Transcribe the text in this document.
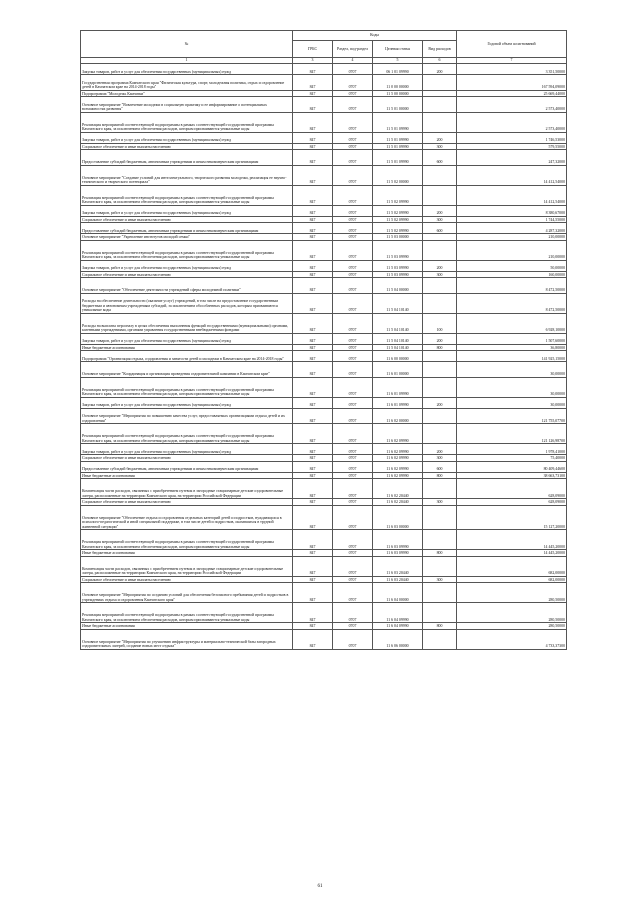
№	Коды				Годовой объем ассигнований
	ГРБС	Раздел, под-раздел	Целевая статья	Вид расходов	
1	3	4	5	6	7
Закупка товаров, работ и услуг для обеспечения государственных (муниципальных) нужд	847	0707	06 1 01 09990	200	3 351,50000
Государственная программа Камчатского края "Физическая культура, спорт, молодежная политика, отдых и оздоровление детей в Камчатском крае на 2014-2018 годы"	847	0707	11 0 00 00000		167 594,09000
Подпрограмма "Молодежь Камчатки"	847	0707	11 5 00 00000		25 669,44000
Основное мероприятие "Вовлечение молодежи в социальную практику и ее информирование о потенциальных возможностях развития"	847	0707	11 5 01 00000		2 573,40000
Реализация мероприятий соответствующей подпрограммы в рамках соответствующей государственной программы Камчатского края, за исключением обеспечения расходов, которым присваиваются уникальные коды	847	0707	11 5 01 09990		2 573,40000
Закупка товаров, работ и услуг для обеспечения государственных (муниципальных) нужд	847	0707	11 5 01 09990	200	1 746,53000
Социальное обеспечение и иные выплаты населению	847	0707	11 5 01 09990	300	579,55000
Предоставление субсидий бюджетным, автономным учреждениям и иным некоммерческим организациям	847	0707	11 5 01 09990	600	247,32000
Основное мероприятие "Создание условий для интеллектуального, творческого развития молодежи, реализация ее научно-технического и творческого потенциала"	847	0707	11 5 02 00000		14 412,54000
Реализация мероприятий соответствующей подпрограммы в рамках соответствующей государственной программы Камчатского края, за исключением обеспечения расходов, которым присваиваются уникальные коды	847	0707	11 5 02 09990		14 412,54000
Закупка товаров, работ и услуг для обеспечения государственных (муниципальных) нужд	847	0707	11 5 02 09990	200	8 380,67000
Социальное обеспечение и иные выплаты населению	847	0707	11 5 02 09990	300	1 744,55000
Предоставление субсидий бюджетным, автономным учреждениям и иным некоммерческим организациям	847	0707	11 5 02 09990	600	4 287,32000
Основное мероприятие "Укрепление институтов молодой семьи"	847	0707	11 5 03 00000		210,00000
Реализация мероприятий соответствующей подпрограммы в рамках соответствующей государственной программы Камчатского края, за исключением обеспечения расходов, которым присваиваются уникальные коды	847	0707	11 5 03 09990		210,00000
Закупка товаров, работ и услуг для обеспечения государственных (муниципальных) нужд	847	0707	11 5 03 09990	200	50,00000
Социальное обеспечение и иные выплаты населению	847	0707	11 5 03 09990	300	160,00000
Основное мероприятие "Обеспечение деятельности учреждений сферы молодежной политики"	847	0707	11 5 04 00000		8 472,50000
Расходы на обеспечение деятельности (оказание услуг) учреждений, в том числе на предоставление государственным бюджетным и автономным учреждениям субсидий, за исключением обособленных расходов, которым присваиваются уникальные коды	847	0707	11 5 04 10140		8 472,50000
Расходы на выплаты персоналу в целях обеспечения выполнения функций государственными (муниципальными) органами, казенными учреждениями, органами управления государственными внебюджетными фондами	847	0707	11 5 04 10140	100	6 928,10000
Закупка товаров, работ и услуг для обеспечения государственных (муниципальных) нужд	847	0707	11 5 04 10140	200	1 507,60000
Иные бюджетные ассигнования	847	0707	11 5 04 10140	800	36,80000
Подпрограмма "Организация отдыха, оздоровления и занятости детей и молодежи в Камчатском крае на 2014-2018 годы"	847	0707	11 6 00 00000		141 925,15000
Основное мероприятие "Координация и организация проведения оздоровительной кампании в Камчатском крае"	847	0707	11 6 01 00000		30,00000
Реализация мероприятий соответствующей подпрограммы в рамках соответствующей государственной программы Камчатского края, за исключением обеспечения расходов, которым присваиваются уникальные коды	847	0707	11 6 01 09990		30,00000
Закупка товаров, работ и услуг для обеспечения государственных (муниципальных) нужд	847	0707	11 6 01 09990	200	30,00000
Основное мероприятие "Мероприятия по повышению качества услуг, предоставляемых организациями отдыха детей и их оздоровления"	847	0707	11 6 02 00000		121 755,07700
Реализация мероприятий соответствующей подпрограммы в рамках соответствующей государственной программы Камчатского края, за исключением обеспечения расходов, которым присваиваются уникальные коды	847	0707	11 6 02 09990		121 126,98700
Закупка товаров, работ и услуг для обеспечения государственных (муниципальных) нужд	847	0707	11 6 02 09990	200	1 978,41000
Социальное обеспечение и иные выплаты населению	847	0707	11 6 02 09990	300	75,40000
Предоставление субсидий бюджетным, автономным учреждениям и иным некоммерческим организациям	847	0707	11 6 02 09990	600	80 409,44600
Иные бюджетные ассигнования	847	0707	11 6 02 09990	800	38 663,73100
Компенсация части расходов, связанных с приобретением путевок в загородные стационарные детские оздоровительные лагеря, расположенные на территории Камчатского края, на территории Российской Федерации	847	0707	11 6 02 20440		628,09000
Социальное обеспечение и иные выплаты населению	847	0707	11 6 02 20440	300	628,09000
Основное мероприятие "Обеспечение отдыха и оздоровления отдельных категорий детей и подростков, нуждающихся в психолого-педагогической и иной специальной поддержке, в том числе детей и подростков, оказавшихся в трудной жизненной ситуации"	847	0707	11 6 03 00000		15 127,20000
Реализация мероприятий соответствующей подпрограммы в рамках соответствующей государственной программы Камчатского края, за исключением обеспечения расходов, которым присваиваются уникальные коды	847	0707	11 6 03 09990		14 445,20000
Иные бюджетные ассигнования	847	0707	11 6 03 09990	800	14 445,20000
Компенсация части расходов, связанных с приобретением путевок в загородные стационарные детские оздоровительные лагеря, расположенные на территории Камчатского края, на территории Российской Федерации	847	0707	11 6 03 20440		682,00000
Социальное обеспечение и иные выплаты населению	847	0707	11 6 03 20440	300	682,00000
Основное мероприятие "Мероприятия по созданию условий для обеспечения безопасного пребывания детей и подростков в учреждениях отдыха и оздоровления Камчатского края"	847	0707	11 6 04 00000		280,50000
Реализация мероприятий соответствующей подпрограммы в рамках соответствующей государственной программы Камчатского края, за исключением обеспечения расходов, которым присваиваются уникальные коды	847	0707	11 6 04 09990		280,50000
Иные бюджетные ассигнования	847	0707	11 6 04 09990	800	280,50000
Основное мероприятие "Мероприятия по улучшению инфраструктуры и материально-технической базы загородных оздоровительных лагерей, создание новых мест отдыха"	847	0707	11 6 06 00000		4 733,37300
61
